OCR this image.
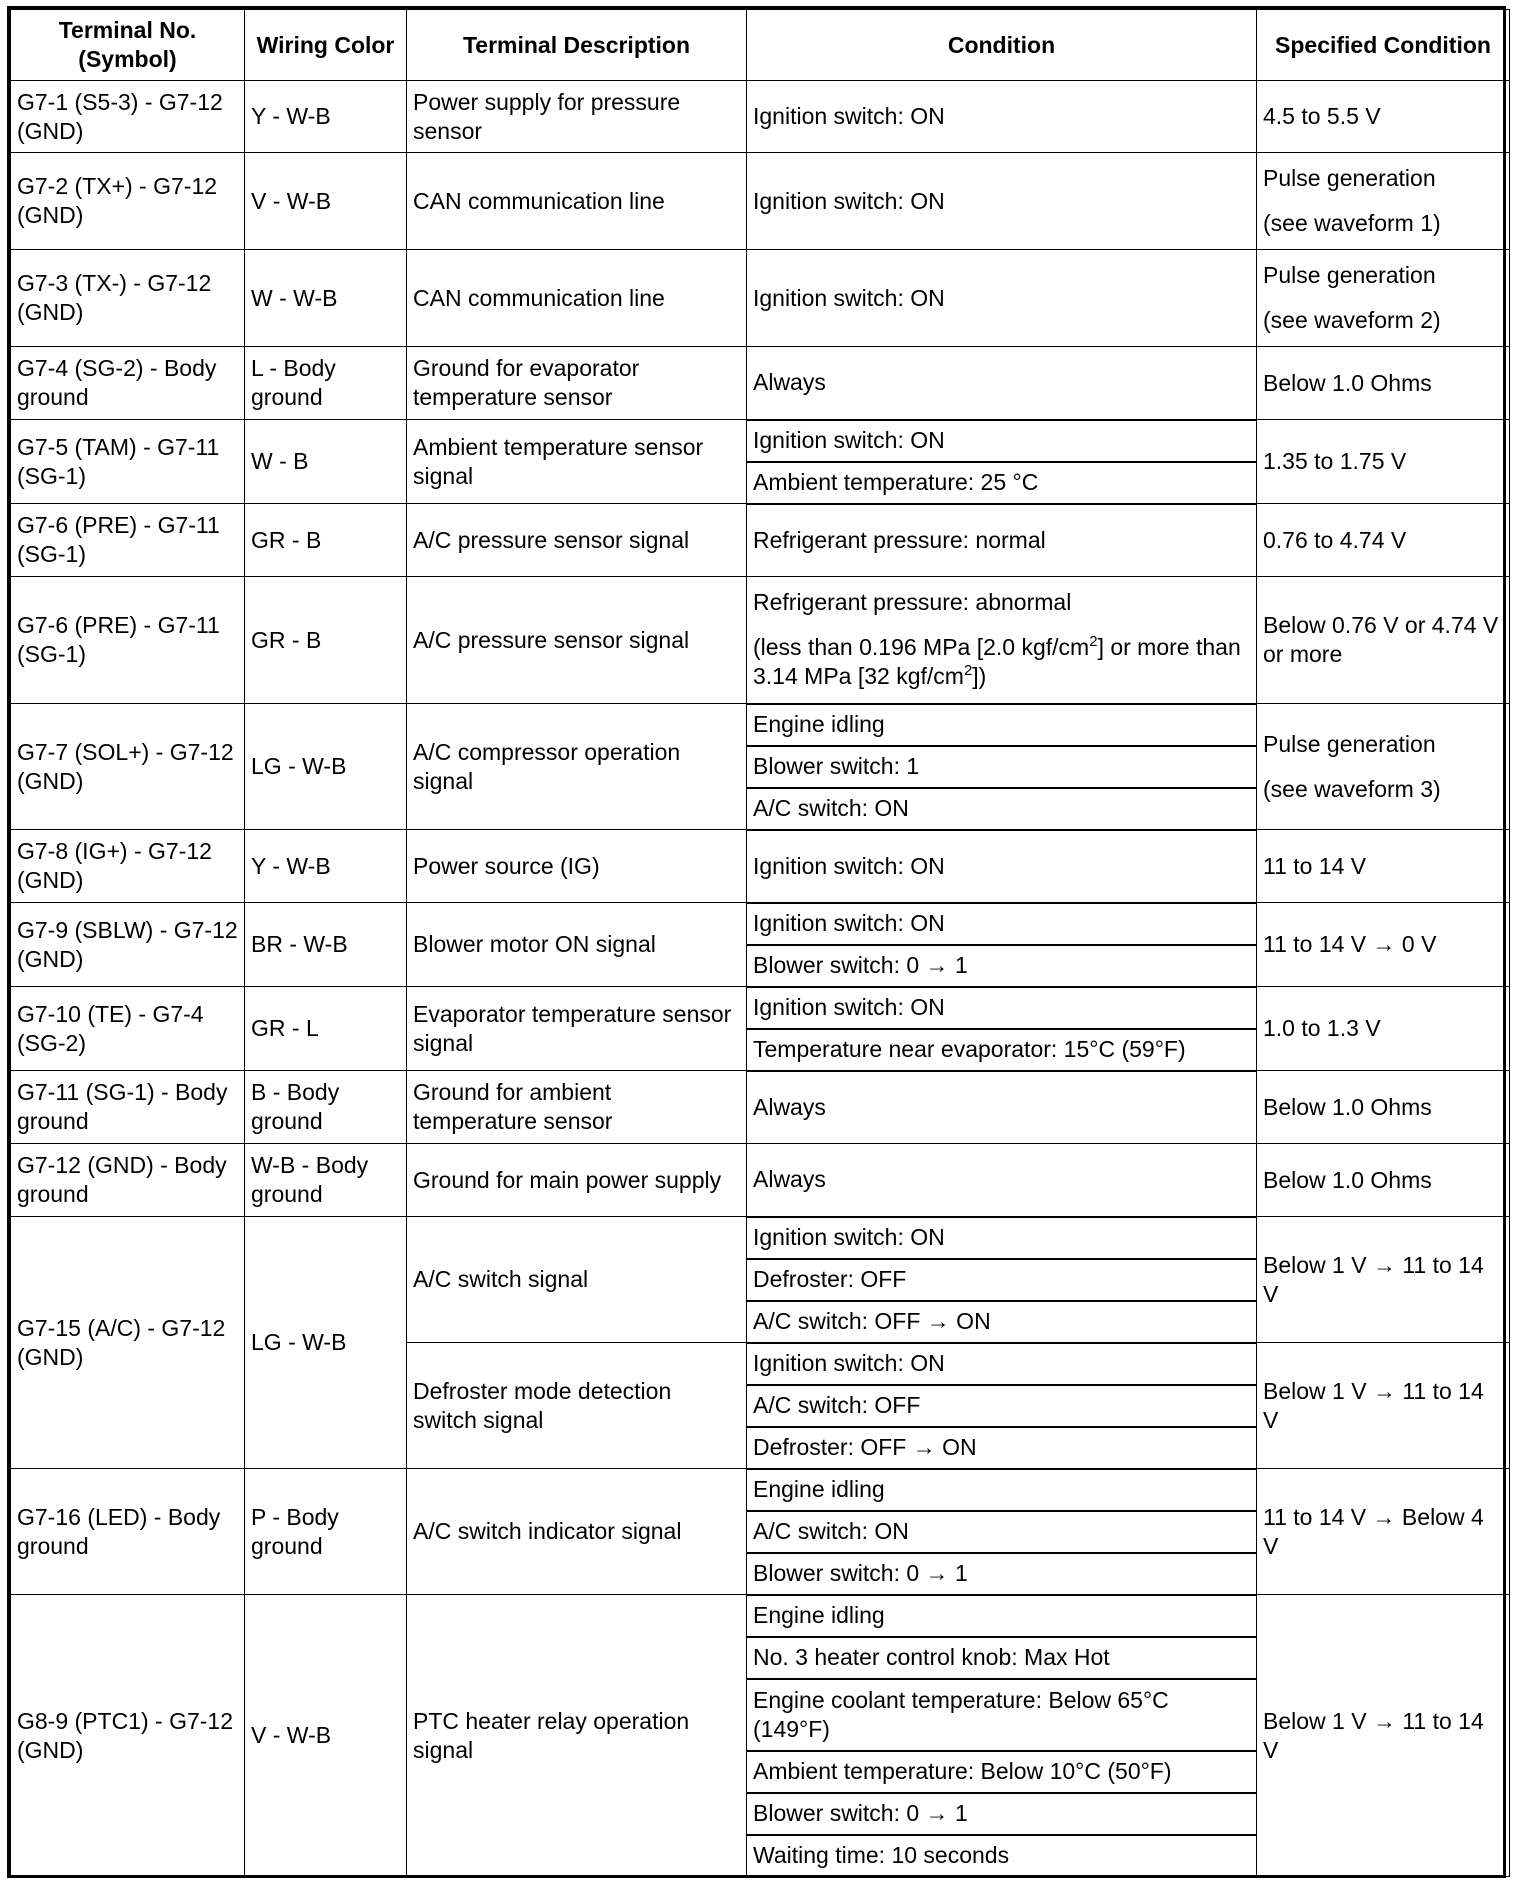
Terminal No.
(Symbol)	Wiring Color	Terminal Description	Condition	Specified Condition
G7-1 (S5-3) - G7-12 (GND)	Y - W-B	Power supply for pressure sensor	Ignition switch: ON	4.5 to 5.5 V
G7-2 (TX+) - G7-12 (GND)	V - W-B	CAN communication line	Ignition switch: ON	Pulse generation
(see waveform 1)

G7-3 (TX-) - G7-12 (GND)	W - W-B	CAN communication line	Ignition switch: ON	Pulse generation
(see waveform 2)

G7-4 (SG-2) - Body ground	L - Body ground	Ground for evaporator temperature sensor	Always	Below 1.0 Ohms
G7-5 (TAM) - G7-11 (SG-1)	W - B	Ambient temperature sensor signal	Ignition switch: ON	1.35 to 1.75 V
			Ambient temperature: 25 °C	
G7-6 (PRE) - G7-11 (SG-1)	GR - B	A/C pressure sensor signal	Refrigerant pressure: normal	0.76 to 4.74 V
G7-6 (PRE) - G7-11 (SG-1)	GR - B	A/C pressure sensor signal	Refrigerant pressure: abnormal
(less than 0.196 MPa [2.0 kgf/$cm^2$] or more than 3.14 MPa [32 kgf/$cm^2$])	Below 0.76 V or 4.74 V or more
G7-7 (SOL+) - G7-12 (GND)	LG - W-B	A/C compressor operation signal	Engine idling	Pulse generation
(see waveform 3)

			Blower switch: 1	
			A/C switch: ON	
G7-8 (IG+) - G7-12 (GND)	Y - W-B	Power source (IG)	Ignition switch: ON	11 to 14 V
G7-9 (SBLW) - G7-12 (GND)	BR - W-B	Blower motor ON signal	Ignition switch: ON	11 to 14 V → 0 V
			Blower switch: 0 → 1	
G7-10 (TE) - G7-4 (SG-2)	GR - L	Evaporator temperature sensor signal	Ignition switch: ON	1.0 to 1.3 V
			Temperature near evaporator: 15°C (59°F)	
G7-11 (SG-1) - Body ground	B - Body ground	Ground for ambient temperature sensor	Always	Below 1.0 Ohms
G7-12 (GND) - Body ground	W-B - Body ground	Ground for main power supply	Always	Below 1.0 Ohms
G7-15 (A/C) - G7-12 (GND)	LG - W-B	A/C switch signal	Ignition switch: ON	Below 1 V → 11 to 14 V
			Defroster: OFF	
			A/C switch: OFF → ON	
		Defroster mode detection switch signal	Ignition switch: ON	Below 1 V → 11 to 14 V
			A/C switch: OFF	
			Defroster: OFF → ON	
G7-16 (LED) - Body ground	P - Body ground	A/C switch indicator signal	Engine idling	11 to 14 V → Below 4 V
			A/C switch: ON	
			Blower switch: 0 → 1	
G8-9 (PTC1) - G7-12 (GND)	V - W-B	PTC heater relay operation signal	Engine idling	Below 1 V → 11 to 14 V
			No. 3 heater control knob: Max Hot	
			Engine coolant temperature: Below 65°C (149°F)	
			Ambient temperature: Below 10°C (50°F)	
			Blower switch: 0 → 1	
			Waiting time: 10 seconds	
